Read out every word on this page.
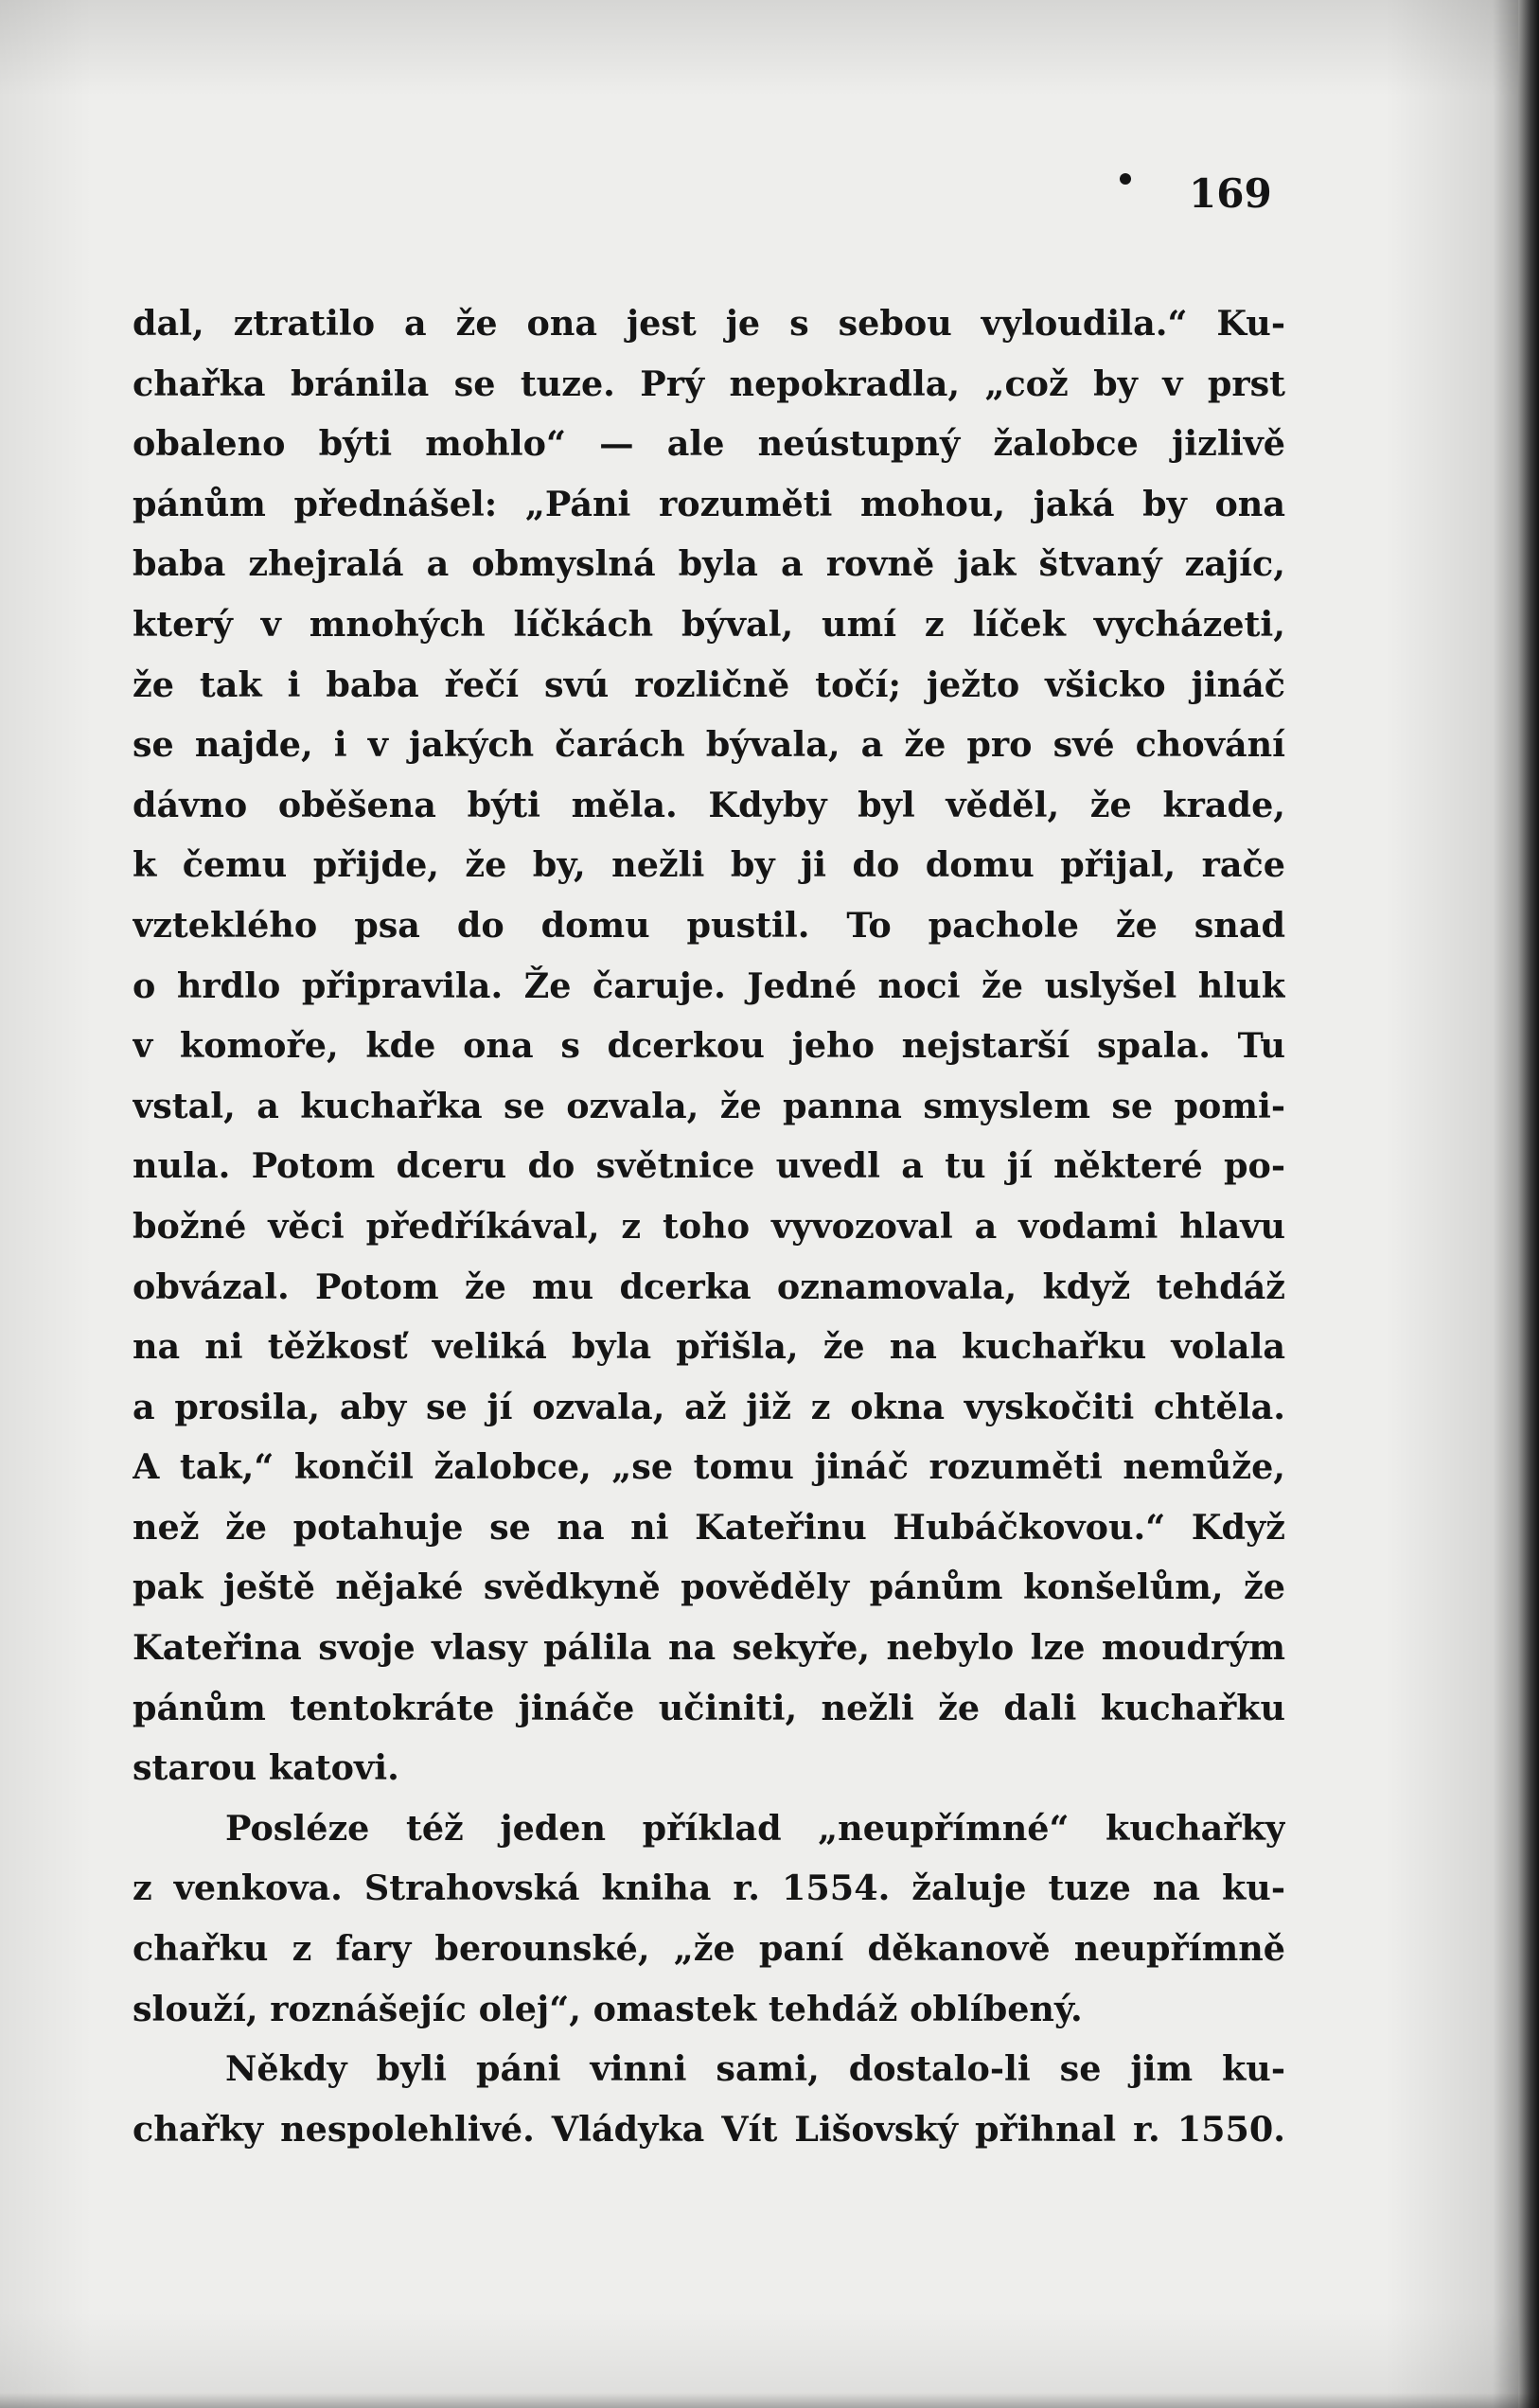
169
dal, ztratilo a že ona jest je s sebou vyloudila.“ Ku-
chařka bránila se tuze. Prý nepokradla, „což by v prst
obaleno býti mohlo“ — ale neústupný žalobce jizlivě
pánům přednášel: „Páni rozuměti mohou, jaká by ona
baba zhejralá a obmyslná byla a rovně jak štvaný zajíc,
který v mnohých líčkách býval, umí z líček vycházeti,
že tak i baba řečí svú rozličně točí; ježto všicko jináč
se najde, i v jakých čarách bývala, a že pro své chování
dávno oběšena býti měla. Kdyby byl věděl, že krade,
k čemu přijde, že by, nežli by ji do domu přijal, rače
vzteklého psa do domu pustil. To pachole že snad
o hrdlo připravila. Že čaruje. Jedné noci že uslyšel hluk
v komoře, kde ona s dcerkou jeho nejstarší spala. Tu
vstal, a kuchařka se ozvala, že panna smyslem se pomi-
nula. Potom dceru do světnice uvedl a tu jí některé po-
božné věci předříkával, z toho vyvozoval a vodami hlavu
obvázal. Potom že mu dcerka oznamovala, když tehdáž
na ni těžkosť veliká byla přišla, že na kuchařku volala
a prosila, aby se jí ozvala, až již z okna vyskočiti chtěla.
A tak,“ končil žalobce, „se tomu jináč rozuměti nemůže,
než že potahuje se na ni Kateřinu Hubáčkovou.“ Když
pak ještě nějaké svědkyně pověděly pánům konšelům, že
Kateřina svoje vlasy pálila na sekyře, nebylo lze moudrým
pánům tentokráte jináče učiniti, nežli že dali kuchařku
starou katovi.
Posléze též jeden příklad „neupřímné“ kuchařky
z venkova. Strahovská kniha r. 1554. žaluje tuze na ku-
chařku z fary berounské, „že paní děkanově neupřímně
slouží, roznášejíc olej“, omastek tehdáž oblíbený.
Někdy byli páni vinni sami, dostalo-li se jim ku-
chařky nespolehlivé. Vládyka Vít Lišovský přihnal r. 1550.
